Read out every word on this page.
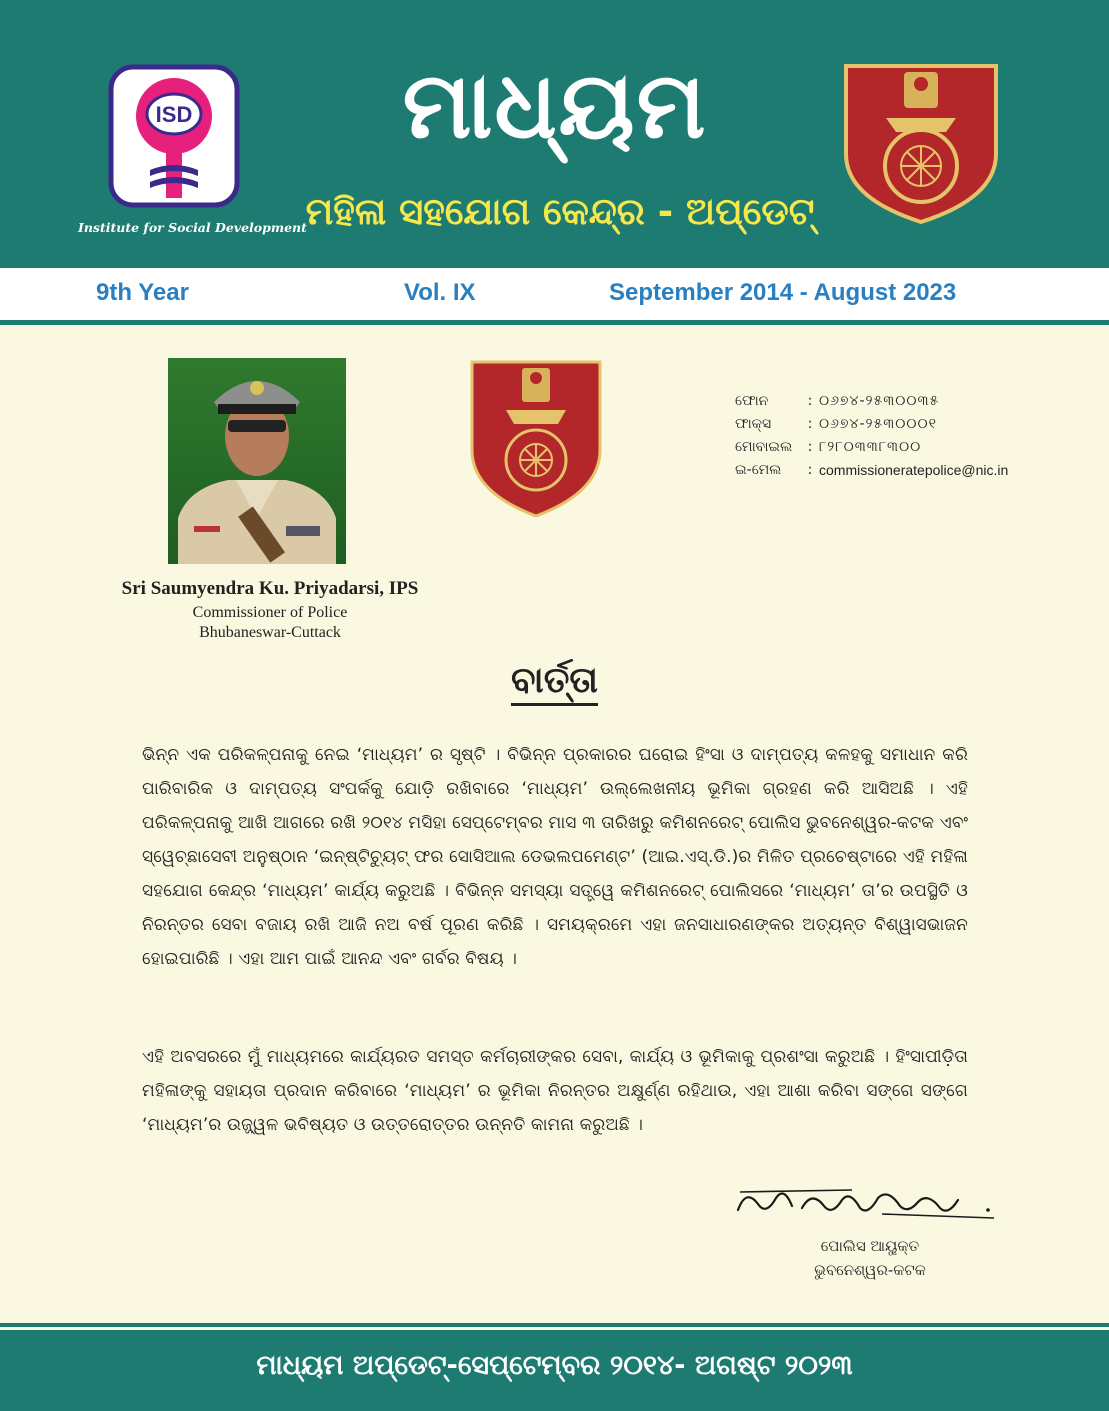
ISD
Institute for Social Development
ମାଧ୍ୟମ
ମହିଳା ସହଯୋଗ କେନ୍ଦ୍ର - ଅପ୍‌ଡେଟ୍
9th Year	Vol. IX	September 2014 - August 2023
Sri Saumyendra Ku. Priyadarsi, IPS
Commissioner of Police
Bhubaneswar-Cuttack
ଫୋନ	: ୦୬୭୪-୨୫୩୦୦୩୫
ଫାକ୍ସ	: ୦୬୭୪-୨୫୩୦୦୦୧
ମୋବାଇଲ	: ୮୨୮୦୩୩୮୩୦୦
ଇ-ମେଲ	: commissioneratepolice@nic.in
ବାର୍ତ୍ତା
ଭିନ୍ନ ଏକ ପରିକଳ୍ପନାକୁ ନେଇ ‘ମାଧ୍ୟମ’ ର ସୃଷ୍ଟି । ବିଭିନ୍ନ ପ୍ରକାରର ଘରୋଇ ହିଂସା ଓ ଦାମ୍ପତ୍ୟ କଳହକୁ ସମାଧାନ କରି ପାରିବାରିକ ଓ ଦାମ୍ପତ୍ୟ ସଂପର୍କକୁ ଯୋଡ଼ି ରଖିବାରେ ‘ମାଧ୍ୟମ’ ଉଲ୍ଲେଖନୀୟ ଭୂମିକା ଗ୍ରହଣ କରି ଆସିଅଛି । ଏହି ପରିକଳ୍ପନାକୁ ଆଖି ଆଗରେ ରଖି ୨୦୧୪ ମସିହା ସେପ୍ଟେମ୍ବର ମାସ ୩ ତାରିଖରୁ କମିଶନରେଟ୍ ପୋଲିସ ଭୁବନେଶ୍ୱର-କଟକ ଏବଂ ସ୍ୱେଚ୍ଛାସେବୀ ଅନୁଷ୍ଠାନ ‘ଇନ୍‌ଷ୍ଟିଚ୍ୟୁଟ୍ ଫର ସୋସିଆଲ ଡେଭଲପମେଣ୍ଟ’ (ଆଇ.ଏସ୍.ଡି.)ର ମିଳିତ ପ୍ରଚେଷ୍ଟାରେ ଏହି ମହିଳା ସହଯୋଗ କେନ୍ଦ୍ର ‘ମାଧ୍ୟମ’ କାର୍ଯ୍ୟ କରୁଅଛି । ବିଭିନ୍ନ ସମସ୍ୟା ସତ୍ତ୍ୱେ କମିଶନରେଟ୍ ପୋଲିସରେ ‘ମାଧ୍ୟମ’ ତା’ର ଉପସ୍ଥିତି ଓ ନିରନ୍ତର ସେବା ବଜାୟ ରଖି ଆଜି ନଅ ବର୍ଷ ପୂରଣ କରିଛି । ସମୟକ୍ରମେ ଏହା ଜନସାଧାରଣଙ୍କର ଅତ୍ୟନ୍ତ ବିଶ୍ୱାସଭାଜନ ହୋଇପାରିଛି । ଏହା ଆମ ପାଇଁ ଆନନ୍ଦ ଏବଂ ଗର୍ବର ବିଷୟ ।
ଏହି ଅବସରରେ ମୁଁ ମାଧ୍ୟମରେ କାର୍ଯ୍ୟରତ ସମସ୍ତ କର୍ମଚାରୀଙ୍କର ସେବା, କାର୍ଯ୍ୟ ଓ ଭୂମିକାକୁ ପ୍ରଶଂସା କରୁଅଛି । ହିଂସାପୀଡ଼ିତା ମହିଳାଙ୍କୁ ସହାୟତା ପ୍ରଦାନ କରିବାରେ ‘ମାଧ୍ୟମ’ ର ଭୂମିକା ନିରନ୍ତର ଅକ୍ଷୁର୍ଣ୍ଣ ରହିଥାଉ, ଏହା ଆଶା କରିବା ସଙ୍ଗେ ସଙ୍ଗେ ‘ମାଧ୍ୟମ’ର ଉଜ୍ଜ୍ୱଳ ଭବିଷ୍ୟତ ଓ ଉତ୍ତରୋତ୍ତର ଉନ୍ନତି କାମନା କରୁଅଛି ।
ପୋଲିସ ଆୟୁକ୍ତ
ଭୁବନେଶ୍ୱର-କଟକ
ମାଧ୍ୟମ ଅପ୍‌ଡେଟ୍-ସେପ୍ଟେମ୍ବର ୨୦୧୪- ଅଗଷ୍ଟ ୨୦୨୩
